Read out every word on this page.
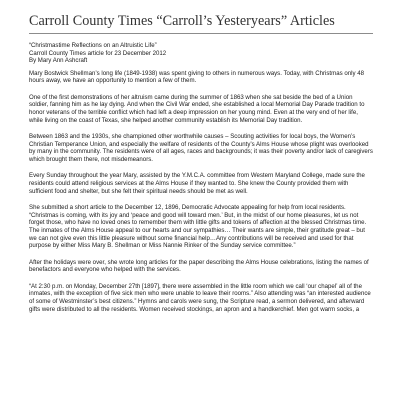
Carroll County Times “Carroll’s Yesteryears” Articles
“Christmastime Reflections on an Altruistic Life”
Carroll County Times article for 23 December 2012
By Mary Ann Ashcraft

Mary Bostwick Shellman’s long life (1849-1938) was spent giving to others in numerous ways. Today, with Christmas only 48 hours away, we have an opportunity to mention a few of them.

One of the first demonstrations of her altruism came during the summer of 1863 when she sat beside the bed of a Union soldier, fanning him as he lay dying. And when the Civil War ended, she established a local Memorial Day Parade tradition to honor veterans of the terrible conflict which had left a deep impression on her young mind. Even at the very end of her life, while living on the coast of Texas, she helped another community establish its Memorial Day tradition.

Between 1863 and the 1930s, she championed other worthwhile causes – Scouting activities for local boys, the Women’s Christian Temperance Union, and especially the welfare of residents of the County’s Alms House whose plight was overlooked by many in the community. The residents were of all ages, races and backgrounds; it was their poverty and/or lack of caregivers which brought them there, not misdemeanors.

Every Sunday throughout the year Mary, assisted by the Y.M.C.A. committee from Western Maryland College, made sure the residents could attend religious services at the Alms House if they wanted to. She knew the County provided them with sufficient food and shelter, but she felt their spiritual needs should be met as well.

She submitted a short article to the December 12, 1896, Democratic Advocate appealing for help from local residents. “Christmas is coming, with its joy and ‘peace and good will toward men.’ But, in the midst of our home pleasures, let us not forget those, who have no loved ones to remember them with little gifts and tokens of affection at the blessed Christmas time. The inmates of the Alms House appeal to our hearts and our sympathies… Their wants are simple, their gratitude great – but we can not give even this little pleasure without some financial help…Any contributions will be received and used for that purpose by either Miss Mary B. Shellman or Miss Nannie Rinker of the Sunday service committee.”

After the holidays were over, she wrote long articles for the paper describing the Alms House celebrations, listing the names of benefactors and everyone who helped with the services.

“At 2:30 p.m. on Monday, December 27th [1897], there were assembled in the little room which we call ‘our chapel’ all of the inmates, with the exception of five sick men who were unable to leave their rooms.” Also attending was “an interested audience of some of Westminster’s best citizens.” Hymns and carols were sung, the Scripture read, a sermon delivered, and afterward gifts were distributed to all the residents. Women received stockings, an apron and a handkerchief. Men got warm socks, a
